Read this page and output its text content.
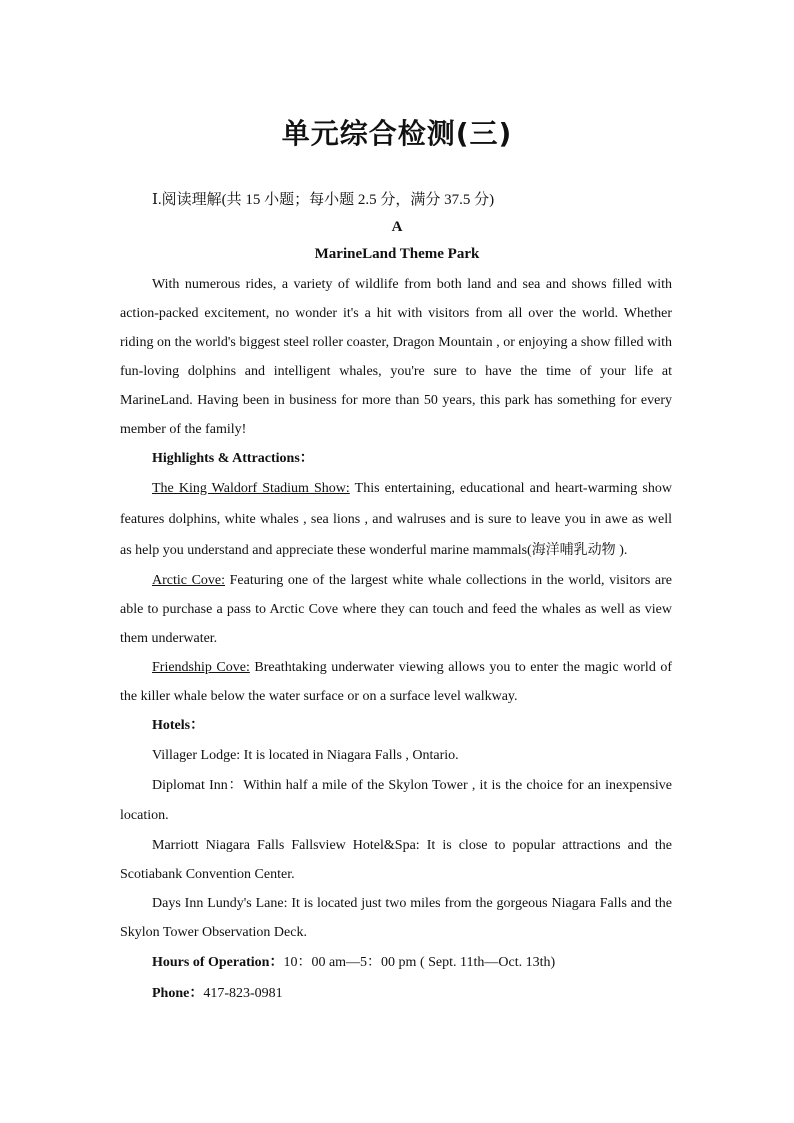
单元综合检测(三)
Ⅰ.阅读理解(共 15 小题；每小题 2.5 分，满分 37.5 分)
A
MarineLand Theme Park

With numerous rides, a variety of wildlife from both land and sea and shows filled with action-packed excitement, no wonder it's a hit with visitors from all over the world. Whether riding on the world's biggest steel roller coaster, Dragon Mountain , or enjoying a show filled with fun-loving dolphins and intelligent whales, you're sure to have the time of your life at MarineLand. Having been in business for more than 50 years, this park has something for every member of the family!

Highlights & Attractions：

The King Waldorf Stadium Show: This entertaining, educational and heart-warming show features dolphins, white whales , sea lions , and walruses and is sure to leave you in awe as well as help you understand and appreciate these wonderful marine mammals(海洋哺乳动物 ).

Arctic Cove: Featuring one of the largest white whale collections in the world, visitors are able to purchase a pass to Arctic Cove where they can touch and feed the whales as well as view them underwater.

Friendship Cove: Breathtaking underwater viewing allows you to enter the magic world of the killer whale below the water surface or on a surface level walkway.

Hotels：

Villager Lodge: It is located in Niagara Falls , Ontario.

Diplomat Inn：Within half a mile of the Skylon Tower , it is the choice for an inexpensive location.

Marriott Niagara Falls Fallsview Hotel&Spa: It is close to popular attractions and the Scotiabank Convention Center.

Days Inn Lundy's Lane: It is located just two miles from the gorgeous Niagara Falls and the Skylon Tower Observation Deck.

Hours of Operation：10：00 am—5：00 pm ( Sept. 11th—Oct. 13th)

Phone：417-823-0981
